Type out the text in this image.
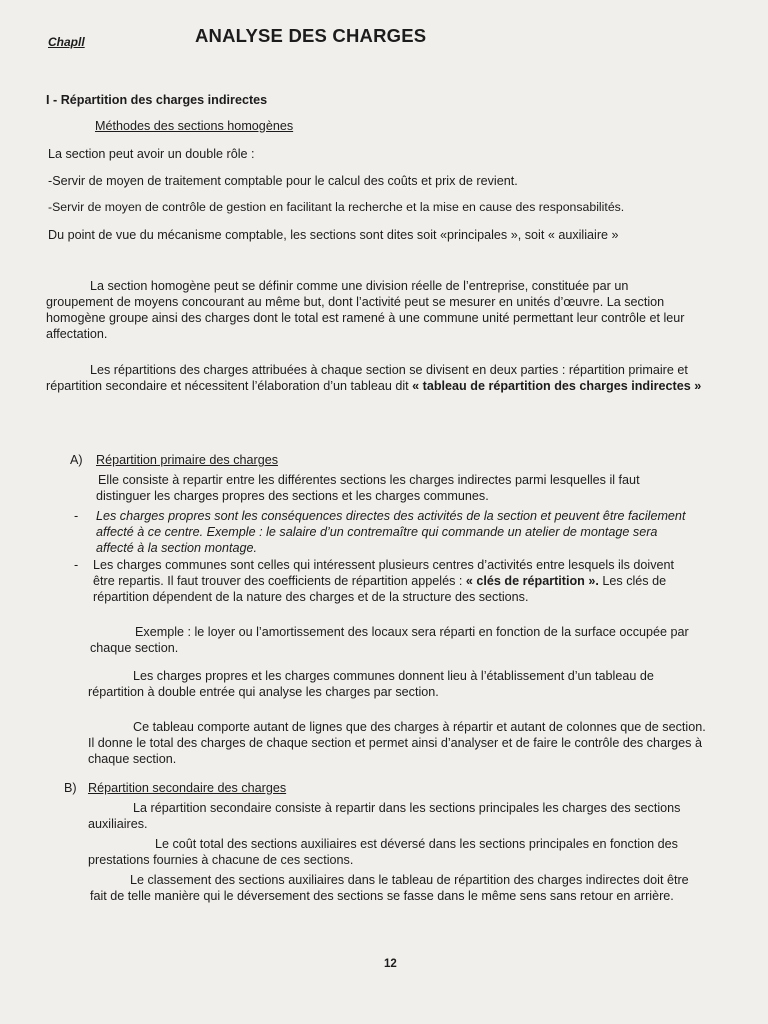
Chapll	ANALYSE DES CHARGES
I - Répartition des charges indirectes
Méthodes des sections homogènes
La section peut avoir un double rôle :
-Servir de moyen de traitement comptable pour le calcul des coûts et prix de revient.
-Servir de moyen de contrôle de gestion en facilitant la recherche et la mise en cause des responsabilités.
Du point de vue du mécanisme comptable, les sections sont dites soit «principales », soit « auxiliaire »

La section homogène peut se définir comme une division réelle de l’entreprise, constituée par un groupement de moyens concourant au même but, dont l’activité peut se mesurer en unités d’œuvre. La section homogène groupe ainsi des charges dont le total est ramené à une commune unité permettant leur contrôle et leur affectation.

Les répartitions des charges attribuées à chaque section se divisent en deux parties : répartition primaire et répartition secondaire et nécessitent l’élaboration d’un tableau dit « tableau de répartition des charges indirectes »

A) Répartition primaire des charges

Elle consiste à repartir entre les différentes sections les charges indirectes parmi lesquelles il faut distinguer les charges propres des sections et les charges communes.

- Les charges propres sont les conséquences directes des activités de la section et peuvent être facilement affecté à ce centre. Exemple : le salaire d’un contremaître qui commande un atelier de montage sera affecté à la section montage.

- Les charges communes sont celles qui intéressent plusieurs centres d’activités entre lesquels ils doivent être repartis. Il faut trouver des coefficients de répartition appelés : « clés de répartition ». Les clés de répartition dépendent de la nature des charges et de la structure des sections.

Exemple : le loyer ou l’amortissement des locaux sera réparti en fonction de la surface occupée par chaque section.

Les charges propres et les charges communes donnent lieu à l’établissement d’un tableau de répartition à double entrée qui analyse les charges par section.

Ce tableau comporte autant de lignes que des charges à répartir et autant de colonnes que de section. Il donne le total des charges de chaque section et permet ainsi d’analyser et de faire le contrôle des charges à chaque section.

B) Répartition secondaire des charges

La répartition secondaire consiste à repartir dans les sections principales les charges des sections auxiliaires.

Le coût total des sections auxiliaires est déversé dans les sections principales en fonction des prestations fournies à chacune de ces sections.

Le classement des sections auxiliaires dans le tableau de répartition des charges indirectes doit être fait de telle manière qui le déversement des sections se fasse dans le même sens sans retour en arrière.

12
